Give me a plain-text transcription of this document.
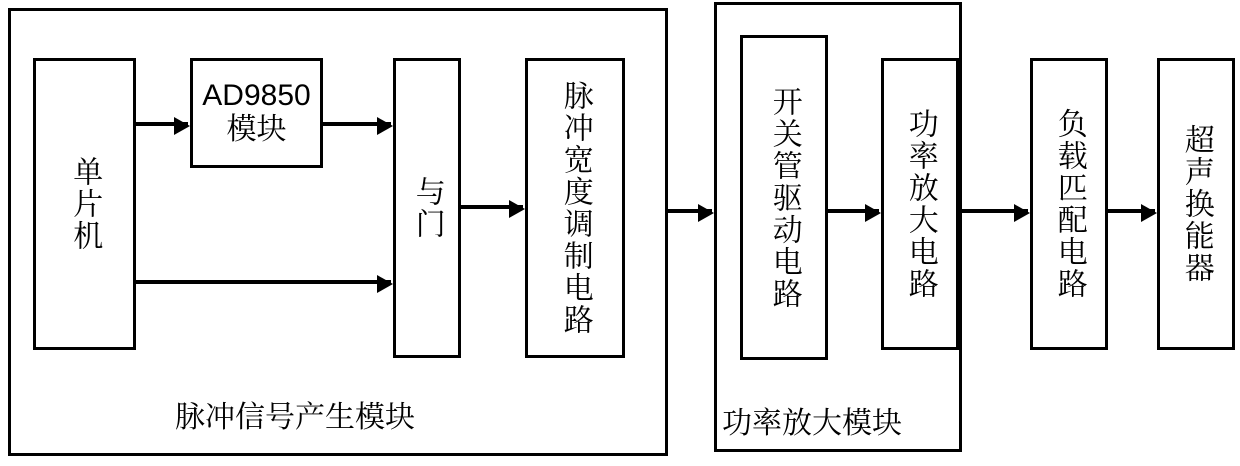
脉冲信号产生模块	功率放大模块
单片机
AD9850模块
与门	脉冲宽度调制电路	开关管驱动电路	功率放大电路	负载匹配电路	超声换能器
